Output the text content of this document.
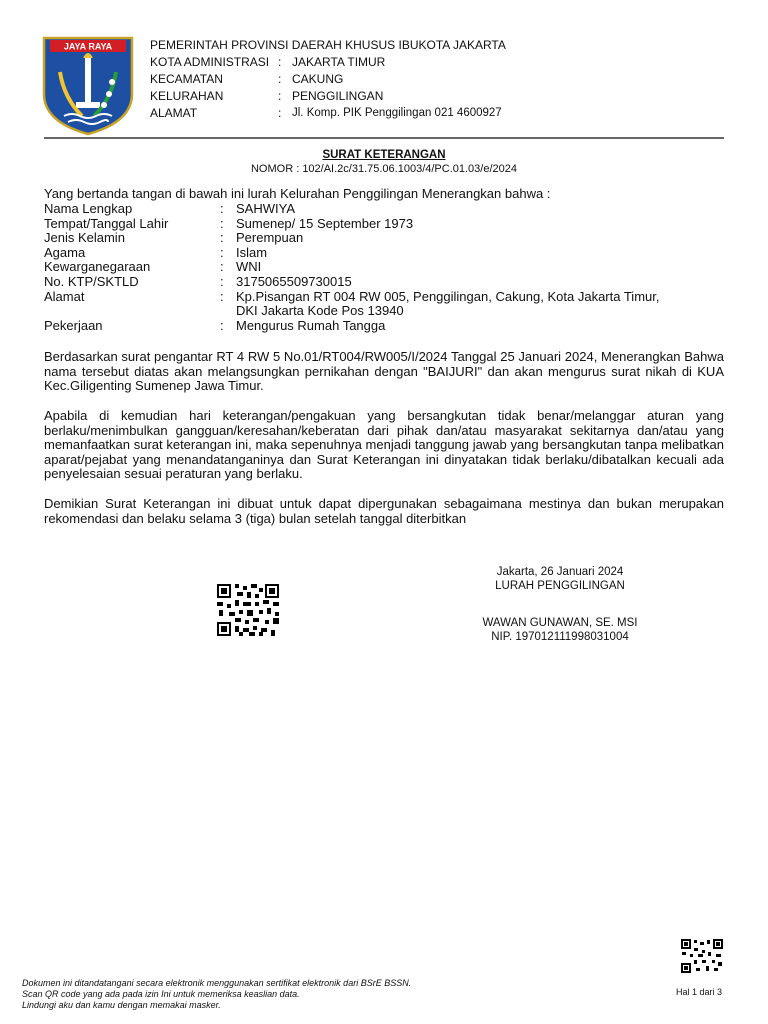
JAYA RAYA	PEMERINTAH PROVINSI DAERAH KHUSUS IBUKOTA JAKARTA
KOTA ADMINISTRASI : JAKARTA TIMUR
KECAMATAN	: CAKUNG
KELURAHAN	: PENGGILINGAN
ALAMAT	: Jl. Komp. PIK Penggilingan 021 4600927
SURAT KETERANGAN
NOMOR : 102/AI.2c/31.75.06.1003/4/PC.01.03/e/2024
Yang bertanda tangan di bawah ini lurah Kelurahan Penggilingan Menerangkan bahwa :
Nama Lengkap	: SAHWIYA
Tempat/Tanggal Lahir	: Sumenep/ 15 September 1973
Jenis Kelamin	: Perempuan
Agama	: Islam
Kewarganegaraan	: WNI
No. KTP/SKTLD	: 3175065509730015
Alamat	: Kp.Pisangan RT 004 RW 005, Penggilingan, Cakung, Kota Jakarta Timur,
DKI Jakarta Kode Pos 13940
Pekerjaan	: Mengurus Rumah Tangga
Berdasarkan surat pengantar RT 4 RW 5 No.01/RT004/RW005/I/2024 Tanggal 25 Januari 2024, Menerangkan Bahwa nama tersebut diatas akan melangsungkan pernikahan dengan "BAIJURI" dan akan mengurus surat nikah di KUA Kec.Giligenting Sumenep Jawa Timur.
Apabila di kemudian hari keterangan/pengakuan yang bersangkutan tidak benar/melanggar aturan yang berlaku/menimbulkan gangguan/keresahan/keberatan dari pihak dan/atau masyarakat sekitarnya dan/atau yang memanfaatkan surat keterangan ini, maka sepenuhnya menjadi tanggung jawab yang bersangkutan tanpa melibatkan aparat/pejabat yang menandatanganinya dan Surat Keterangan ini dinyatakan tidak berlaku/dibatalkan kecuali ada penyelesaian sesuai peraturan yang berlaku.
Demikian Surat Keterangan ini dibuat untuk dapat dipergunakan sebagaimana mestinya dan bukan merupakan rekomendasi dan belaku selama 3 (tiga) bulan setelah tanggal diterbitkan
Jakarta, 26 Januari 2024
LURAH PENGGILINGAN
WAWAN GUNAWAN, SE. MSI
NIP. 197012111998031004
Dokumen ini ditandatangani secara elektronik menggunakan sertifikat elektronik dari BSrE BSSN.
Scan QR code yang ada pada izin Ini untuk memeriksa keaslian data.
Lindungi aku dan kamu dengan memakai masker.
Hal 1 dari 3
